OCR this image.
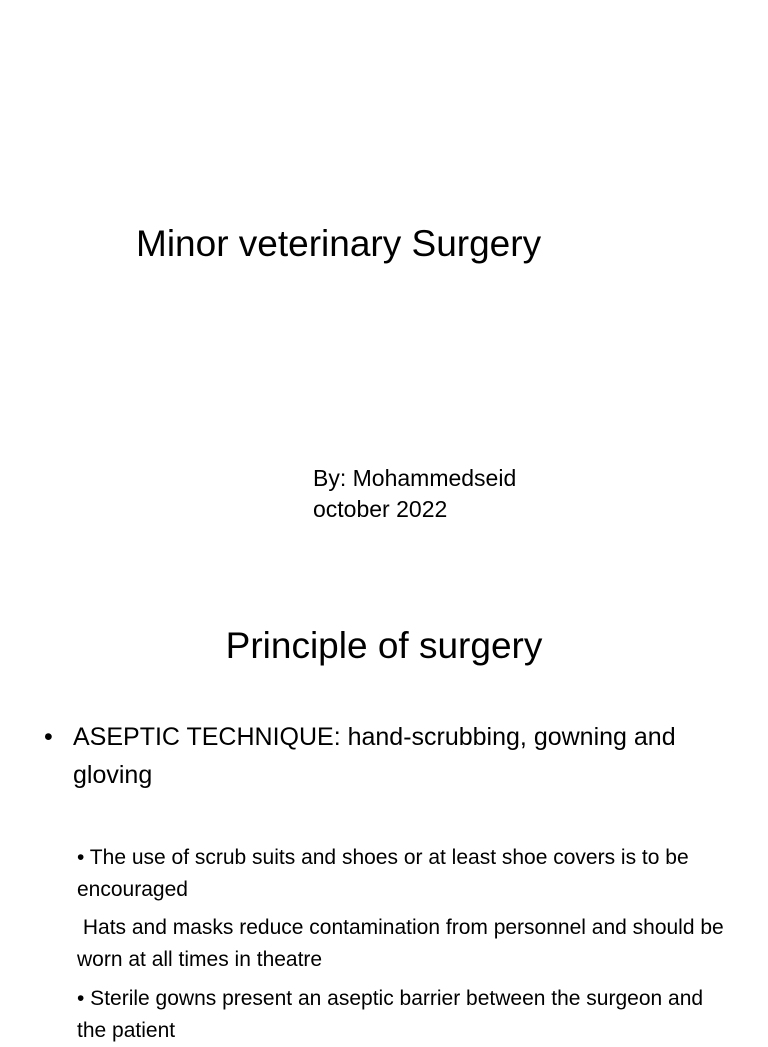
Minor veterinary Surgery
By: Mohammedseid
october 2022
Principle of surgery
• ASEPTIC TECHNIQUE: hand-scrubbing, gowning and gloving
• The use of scrub suits and shoes or at least shoe covers is to be encouraged
Hats and masks reduce contamination from personnel and should be worn at all times in theatre
• Sterile gowns present an aseptic barrier between the surgeon and the patient
